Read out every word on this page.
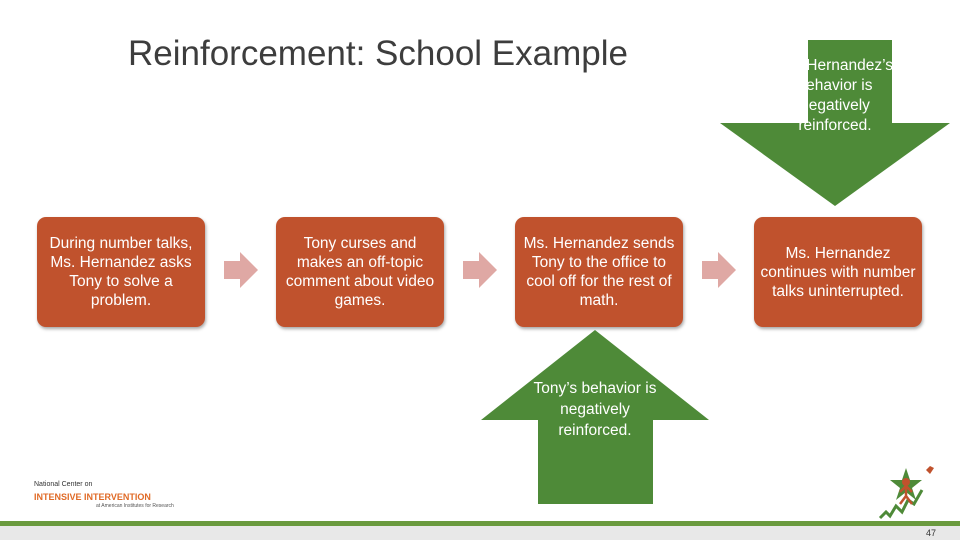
Reinforcement: School Example	Ms. Hernandez’s behavior is negatively reinforced.
During number talks, Ms. Hernandez asks Tony to solve a problem.
Tony curses and makes an off-topic comment about video games.
Ms. Hernandez sends Tony to the office to cool off for the rest of math.
Ms. Hernandez continues with number talks uninterrupted.
Tony’s behavior is negatively reinforced.
National Center on
INTENSIVE INTERVENTION
at American Institutes for Research
47
